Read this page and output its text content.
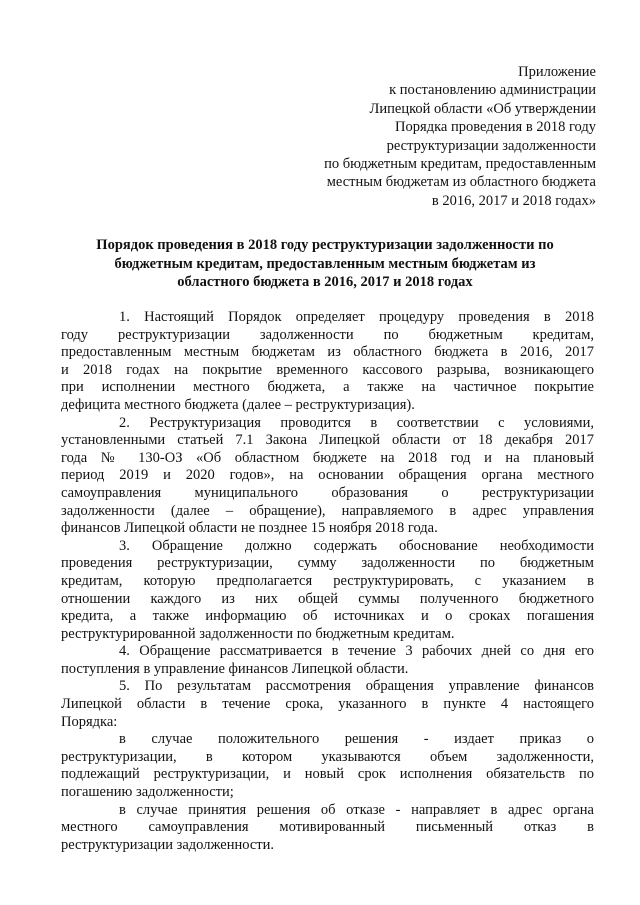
Приложение
к постановлению администрации
Липецкой области «Об утверждении
Порядка проведения в 2018 году
реструктуризации задолженности
по бюджетным кредитам, предоставленным
местным бюджетам из областного бюджета
в 2016, 2017 и 2018 годах»
Порядок проведения в 2018 году реструктуризации задолженности по
бюджетным кредитам, предоставленным местным бюджетам из
областного бюджета в 2016, 2017 и 2018 годах
1. Настоящий Порядок определяет процедуру проведения в 2018
году реструктуризации задолженности по бюджетным кредитам,
предоставленным местным бюджетам из областного бюджета в 2016, 2017
и 2018 годах на покрытие временного кассового разрыва, возникающего
при исполнении местного бюджета, а также на частичное покрытие
дефицита местного бюджета (далее – реструктуризация).
2. Реструктуризация проводится в соответствии с условиями,
установленными статьей 7.1 Закона Липецкой области от 18 декабря 2017
года № 130-ОЗ «Об областном бюджете на 2018 год и на плановый
период 2019 и 2020 годов», на основании обращения органа местного
самоуправления муниципального образования о реструктуризации
задолженности (далее – обращение), направляемого в адрес управления
финансов Липецкой области не позднее 15 ноября 2018 года.
3. Обращение должно содержать обоснование необходимости
проведения реструктуризации, сумму задолженности по бюджетным
кредитам, которую предполагается реструктурировать, с указанием в
отношении каждого из них общей суммы полученного бюджетного
кредита, а также информацию об источниках и о сроках погашения
реструктурированной задолженности по бюджетным кредитам.
4. Обращение рассматривается в течение 3 рабочих дней со дня его
поступления в управление финансов Липецкой области.
5. По результатам рассмотрения обращения управление финансов
Липецкой области в течение срока, указанного в пункте 4 настоящего
Порядка:
в случае положительного решения - издает приказ о
реструктуризации, в котором указываются объем задолженности,
подлежащий реструктуризации, и новый срок исполнения обязательств по
погашению задолженности;
в случае принятия решения об отказе - направляет в адрес органа
местного самоуправления мотивированный письменный отказ в
реструктуризации задолженности.
